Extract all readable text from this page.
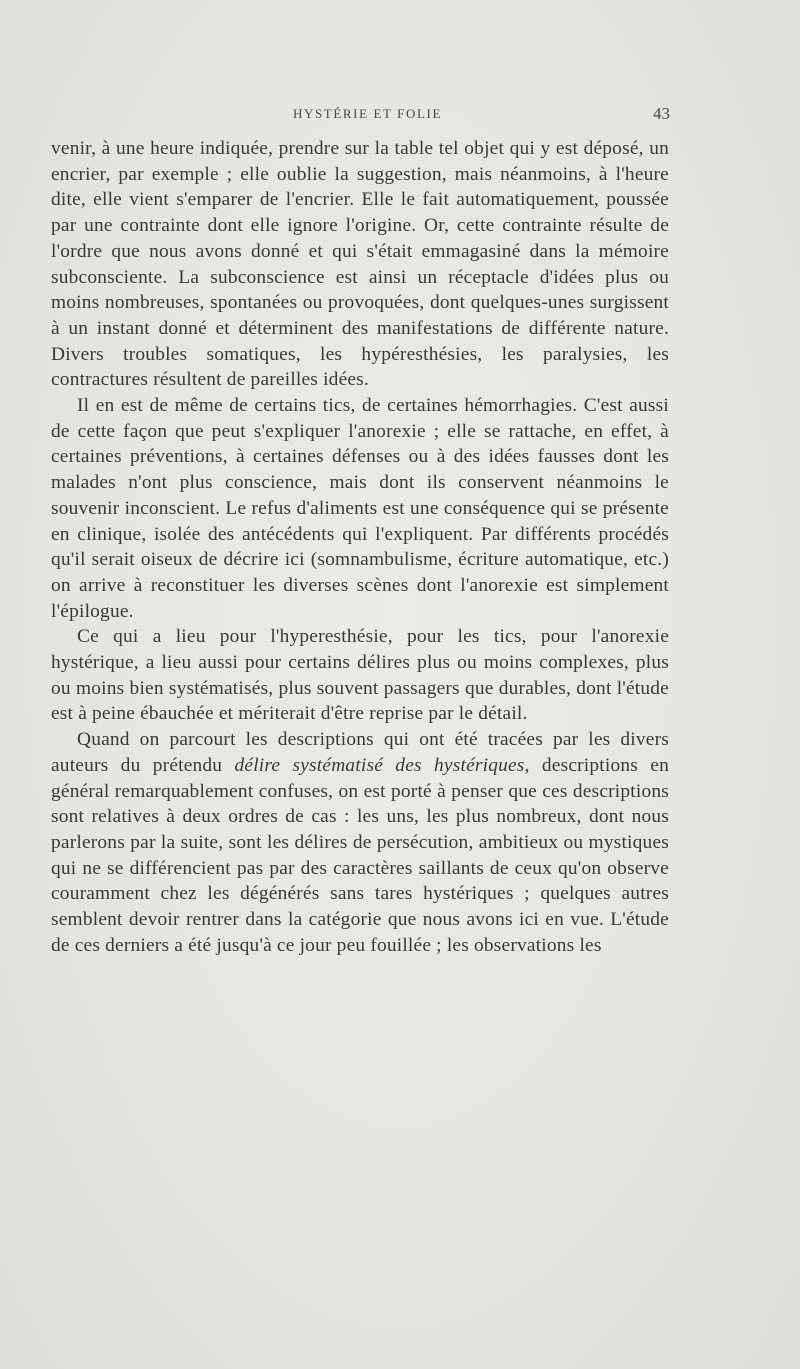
HYSTÉRIE ET FOLIE	43

venir, à une heure indiquée, prendre sur la table tel objet qui y est déposé, un encrier, par exemple ; elle oublie la suggestion, mais néanmoins, à l'heure dite, elle vient s'emparer de l'encrier. Elle le fait automatiquement, poussée par une contrainte dont elle ignore l'origine. Or, cette contrainte résulte de l'ordre que nous avons donné et qui s'était emmagasiné dans la mémoire subconsciente. La subconscience est ainsi un réceptacle d'idées plus ou moins nombreuses, spontanées ou provoquées, dont quelques-unes surgissent à un instant donné et déterminent des manifestations de différente nature. Divers troubles somatiques, les hypéresthésies, les paralysies, les contractures résultent de pareilles idées.

Il en est de même de certains tics, de certaines hémorrhagies. C'est aussi de cette façon que peut s'expliquer l'anorexie ; elle se rattache, en effet, à certaines préventions, à certaines défenses ou à des idées fausses dont les malades n'ont plus conscience, mais dont ils conservent néanmoins le souvenir inconscient. Le refus d'aliments est une conséquence qui se présente en clinique, isolée des antécédents qui l'expliquent. Par différents procédés qu'il serait oiseux de décrire ici (somnambulisme, écriture automatique, etc.) on arrive à reconstituer les diverses scènes dont l'anorexie est simplement l'épilogue.

Ce qui a lieu pour l'hyperesthésie, pour les tics, pour l'anorexie hystérique, a lieu aussi pour certains délires plus ou moins complexes, plus ou moins bien systématisés, plus souvent passagers que durables, dont l'étude est à peine ébauchée et mériterait d'être reprise par le détail.

Quand on parcourt les descriptions qui ont été tracées par les divers auteurs du prétendu délire systématisé des hystériques, descriptions en général remarquablement confuses, on est porté à penser que ces descriptions sont relatives à deux ordres de cas : les uns, les plus nombreux, dont nous parlerons par la suite, sont les délires de persécution, ambitieux ou mystiques qui ne se différencient pas par des caractères saillants de ceux qu'on observe couramment chez les dégénérés sans tares hystériques ; quelques autres semblent devoir rentrer dans la catégorie que nous avons ici en vue. L'étude de ces derniers a été jusqu'à ce jour peu fouillée ; les observations les
